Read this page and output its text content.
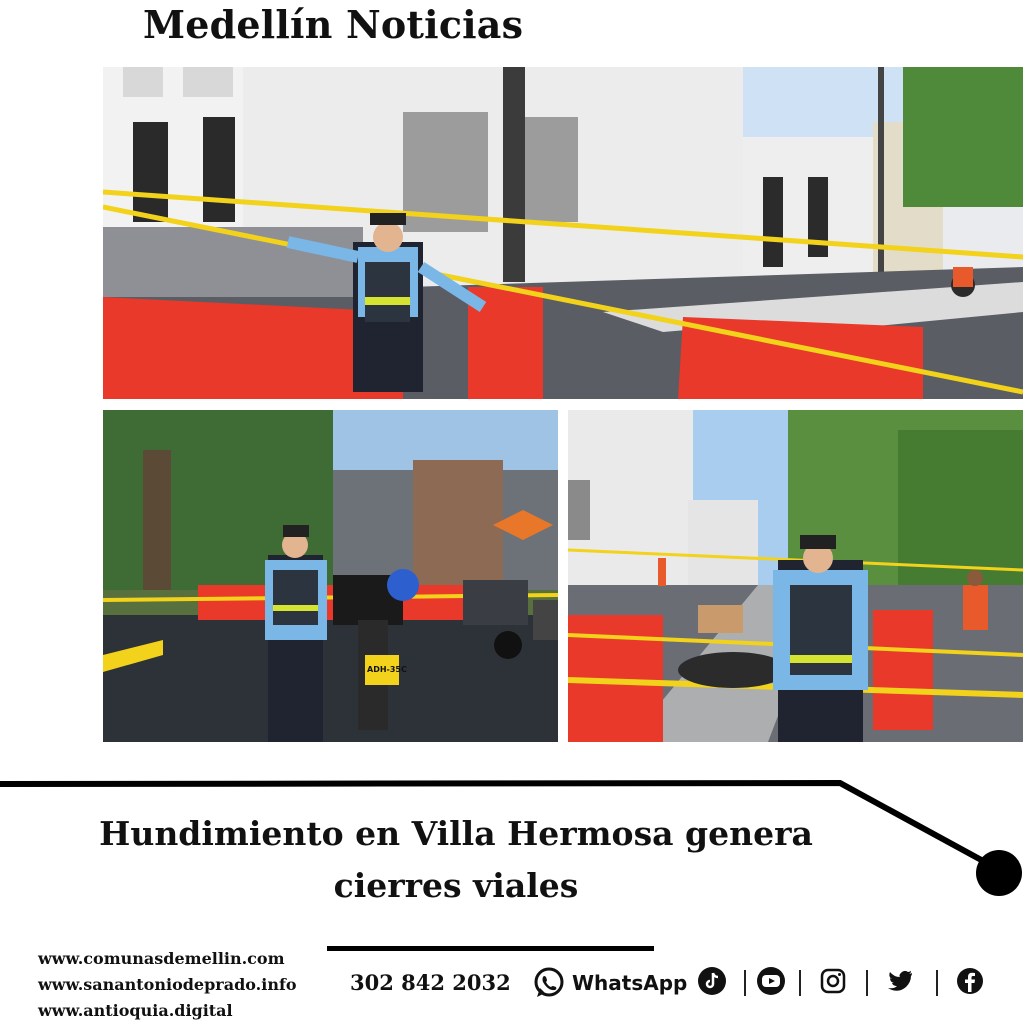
Medellín Noticias
ADH-35C
Hundimiento en Villa Hermosa genera
cierres viales
www.comunasdemellin.com
www.sanantoniodeprado.info
www.antioquia.digital
302 842 2032	WhatsApp
